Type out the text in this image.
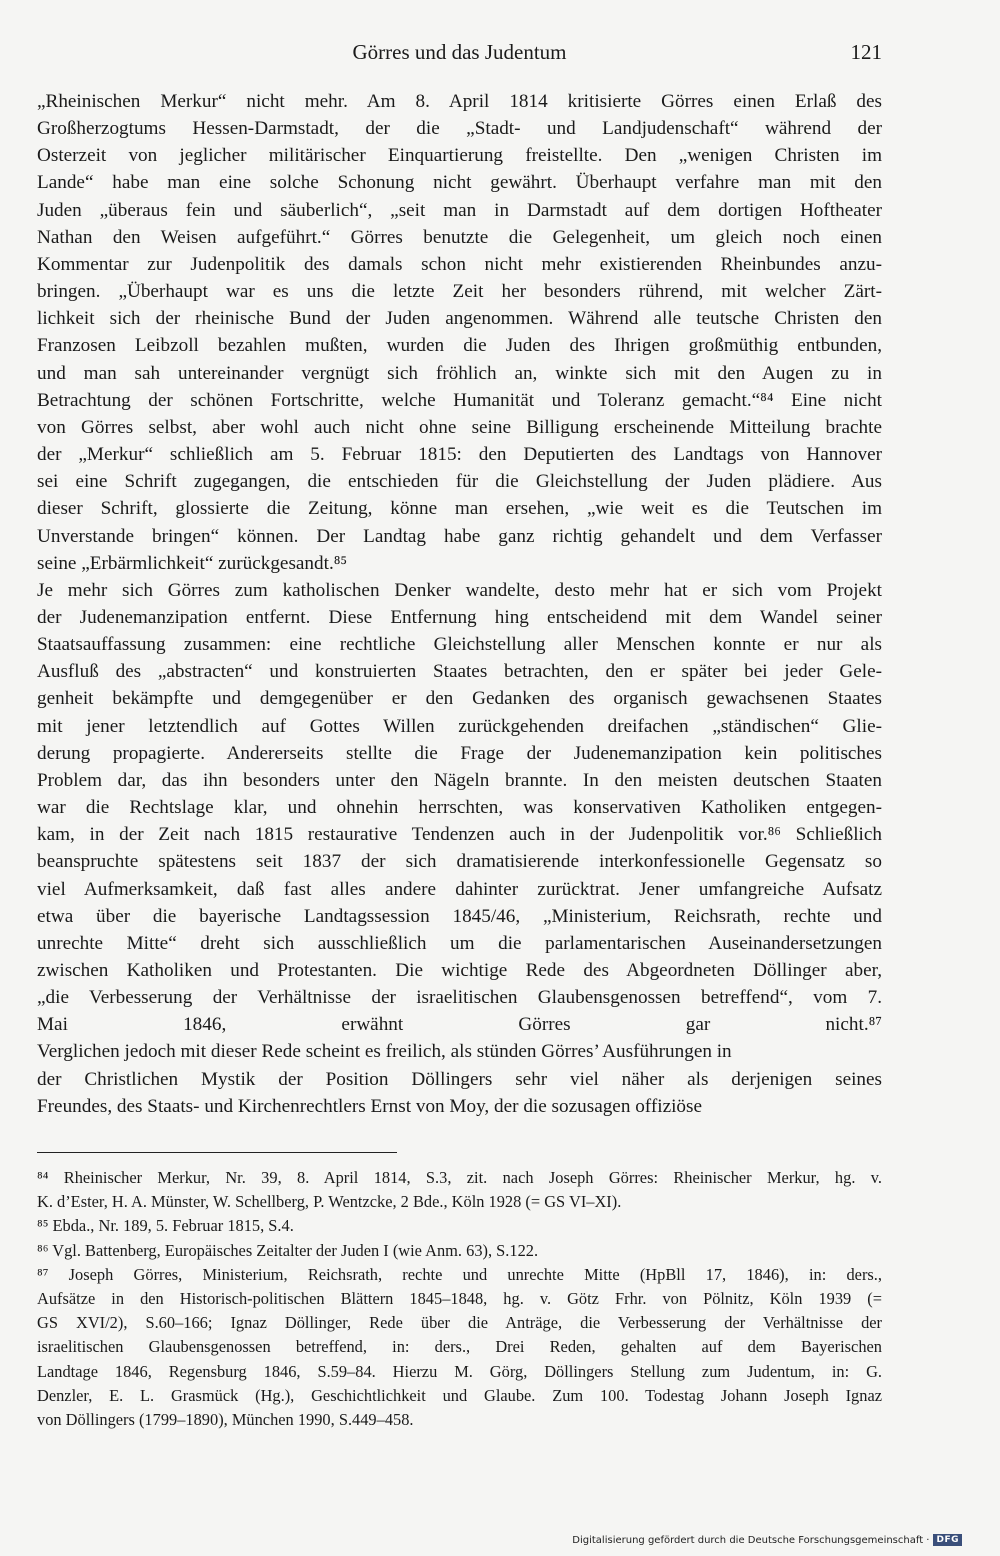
Görres und das Judentum	121
„Rheinischen Merkur“ nicht mehr. Am 8. April 1814 kritisierte Görres einen Erlaß des
Großherzogtums Hessen-Darmstadt, der die „Stadt- und Landjudenschaft“ während der
Osterzeit von jeglicher militärischer Einquartierung freistellte. Den „wenigen Christen im
Lande“ habe man eine solche Schonung nicht gewährt. Überhaupt verfahre man mit den
Juden „überaus fein und säuberlich“, „seit man in Darmstadt auf dem dortigen Hoftheater
Nathan den Weisen aufgeführt.“ Görres benutzte die Gelegenheit, um gleich noch einen
Kommentar zur Judenpolitik des damals schon nicht mehr existierenden Rheinbundes anzu-
bringen. „Überhaupt war es uns die letzte Zeit her besonders rührend, mit welcher Zärt-
lichkeit sich der rheinische Bund der Juden angenommen. Während alle teutsche Christen den
Franzosen Leibzoll bezahlen mußten, wurden die Juden des Ihrigen großmüthig entbunden,
und man sah untereinander vergnügt sich fröhlich an, winkte sich mit den Augen zu in
Betrachtung der schönen Fortschritte, welche Humanität und Toleranz gemacht.“⁸⁴ Eine nicht
von Görres selbst, aber wohl auch nicht ohne seine Billigung erscheinende Mitteilung brachte
der „Merkur“ schließlich am 5. Februar 1815: den Deputierten des Landtags von Hannover
sei eine Schrift zugegangen, die entschieden für die Gleichstellung der Juden plädiere. Aus
dieser Schrift, glossierte die Zeitung, könne man ersehen, „wie weit es die Teutschen im
Unverstande bringen“ können. Der Landtag habe ganz richtig gehandelt und dem Verfasser
seine „Erbärmlichkeit“ zurückgesandt.⁸⁵
Je mehr sich Görres zum katholischen Denker wandelte, desto mehr hat er sich vom Projekt
der Judenemanzipation entfernt. Diese Entfernung hing entscheidend mit dem Wandel seiner
Staatsauffassung zusammen: eine rechtliche Gleichstellung aller Menschen konnte er nur als
Ausfluß des „abstracten“ und konstruierten Staates betrachten, den er später bei jeder Gele-
genheit bekämpfte und demgegenüber er den Gedanken des organisch gewachsenen Staates
mit jener letztendlich auf Gottes Willen zurückgehenden dreifachen „ständischen“ Glie-
derung propagierte. Andererseits stellte die Frage der Judenemanzipation kein politisches
Problem dar, das ihn besonders unter den Nägeln brannte. In den meisten deutschen Staaten
war die Rechtslage klar, und ohnehin herrschten, was konservativen Katholiken entgegen-
kam, in der Zeit nach 1815 restaurative Tendenzen auch in der Judenpolitik vor.⁸⁶ Schließlich
beanspruchte spätestens seit 1837 der sich dramatisierende interkonfessionelle Gegensatz so
viel Aufmerksamkeit, daß fast alles andere dahinter zurücktrat. Jener umfangreiche Aufsatz
etwa über die bayerische Landtagssession 1845/46, „Ministerium, Reichsrath, rechte und
unrechte Mitte“ dreht sich ausschließlich um die parlamentarischen Auseinandersetzungen
zwischen Katholiken und Protestanten. Die wichtige Rede des Abgeordneten Döllinger aber,
„die Verbesserung der Verhältnisse der israelitischen Glaubensgenossen betreffend“, vom 7.
Mai 1846, erwähnt Görres gar nicht.⁸⁷
Verglichen jedoch mit dieser Rede scheint es freilich, als stünden Görres’ Ausführungen in
der Christlichen Mystik der Position Döllingers sehr viel näher als derjenigen seines
Freundes, des Staats- und Kirchenrechtlers Ernst von Moy, der die sozusagen offiziöse
⁸⁴ Rheinischer Merkur, Nr. 39, 8. April 1814, S.3, zit. nach Joseph Görres: Rheinischer Merkur, hg. v.
K. d’Ester, H. A. Münster, W. Schellberg, P. Wentzcke, 2 Bde., Köln 1928 (= GS VI–XI).
⁸⁵ Ebda., Nr. 189, 5. Februar 1815, S.4.
⁸⁶ Vgl. Battenberg, Europäisches Zeitalter der Juden I (wie Anm. 63), S.122.
⁸⁷ Joseph Görres, Ministerium, Reichsrath, rechte und unrechte Mitte (HpBll 17, 1846), in: ders.,
Aufsätze in den Historisch-politischen Blättern 1845–1848, hg. v. Götz Frhr. von Pölnitz, Köln 1939 (=
GS XVI/2), S.60–166; Ignaz Döllinger, Rede über die Anträge, die Verbesserung der Verhältnisse der
israelitischen Glaubensgenossen betreffend, in: ders., Drei Reden, gehalten auf dem Bayerischen
Landtage 1846, Regensburg 1846, S.59–84. Hierzu M. Görg, Döllingers Stellung zum Judentum, in: G.
Denzler, E. L. Grasmück (Hg.), Geschichtlichkeit und Glaube. Zum 100. Todestag Johann Joseph Ignaz
von Döllingers (1799–1890), München 1990, S.449–458.
Digitalisierung gefördert durch die Deutsche Forschungsgemeinschaft · DFG
